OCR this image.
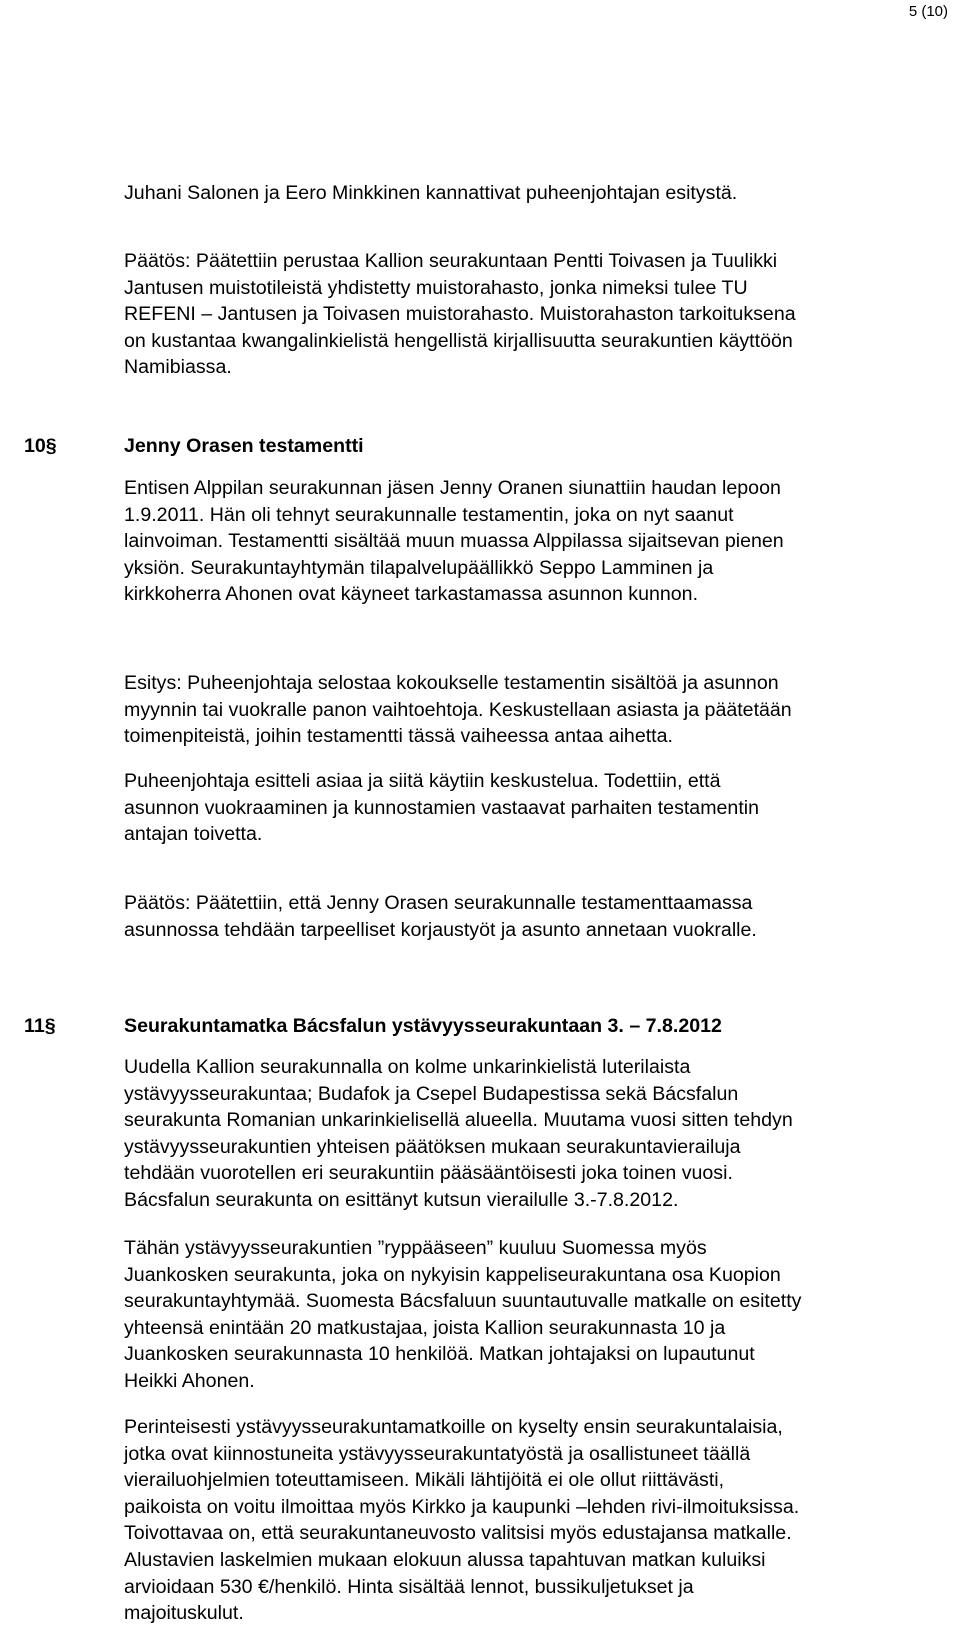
5 (10)
Juhani Salonen ja Eero Minkkinen kannattivat puheenjohtajan esitystä.
Päätös: Päätettiin perustaa Kallion seurakuntaan Pentti Toivasen ja Tuulikki
Jantusen muistotileistä yhdistetty muistorahasto, jonka nimeksi tulee TU
REFENI – Jantusen ja Toivasen muistorahasto. Muistorahaston tarkoituksena
on kustantaa kwangalinkielistä hengellistä kirjallisuutta seurakuntien käyttöön
Namibiassa.
10§	Jenny Orasen testamentti
Entisen Alppilan seurakunnan jäsen Jenny Oranen siunattiin haudan lepoon
1.9.2011. Hän oli tehnyt seurakunnalle testamentin, joka on nyt saanut
lainvoiman. Testamentti sisältää muun muassa Alppilassa sijaitsevan pienen
yksiön. Seurakuntayhtymän tilapalvelupäällikkö Seppo Lamminen ja
kirkkoherra Ahonen ovat käyneet tarkastamassa asunnon kunnon.
Esitys: Puheenjohtaja selostaa kokoukselle testamentin sisältöä ja asunnon
myynnin tai vuokralle panon vaihtoehtoja. Keskustellaan asiasta ja päätetään
toimenpiteistä, joihin testamentti tässä vaiheessa antaa aihetta.
Puheenjohtaja esitteli asiaa ja siitä käytiin keskustelua. Todettiin, että
asunnon vuokraaminen ja kunnostamien vastaavat parhaiten testamentin
antajan toivetta.
Päätös: Päätettiin, että Jenny Orasen seurakunnalle testamenttaamassa
asunnossa tehdään tarpeelliset korjaustyöt ja asunto annetaan vuokralle.
11§	Seurakuntamatka Bácsfalun ystävyysseurakuntaan 3. – 7.8.2012
Uudella Kallion seurakunnalla on kolme unkarinkielistä luterilaista
ystävyysseurakuntaa; Budafok ja Csepel Budapestissa sekä Bácsfalun
seurakunta Romanian unkarinkielisellä alueella. Muutama vuosi sitten tehdyn
ystävyysseurakuntien yhteisen päätöksen mukaan seurakuntavierailuja
tehdään vuorotellen eri seurakuntiin pääsääntöisesti joka toinen vuosi.
Bácsfalun seurakunta on esittänyt kutsun vierailulle 3.-7.8.2012.
Tähän ystävyysseurakuntien ”ryppääseen” kuuluu Suomessa myös
Juankosken seurakunta, joka on nykyisin kappeliseurakuntana osa Kuopion
seurakuntayhtymää. Suomesta Bácsfaluun suuntautuvalle matkalle on esitetty
yhteensä enintään 20 matkustajaa, joista Kallion seurakunnasta 10 ja
Juankosken seurakunnasta 10 henkilöä. Matkan johtajaksi on lupautunut
Heikki Ahonen.
Perinteisesti ystävyysseurakuntamatkoille on kyselty ensin seurakuntalaisia,
jotka ovat kiinnostuneita ystävyysseurakuntatyöstä ja osallistuneet täällä
vierailuohjelmien toteuttamiseen. Mikäli lähtijöitä ei ole ollut riittävästi,
paikoista on voitu ilmoittaa myös Kirkko ja kaupunki –lehden rivi-ilmoituksissa.
Toivottavaa on, että seurakuntaneuvosto valitsisi myös edustajansa matkalle.
Alustavien laskelmien mukaan elokuun alussa tapahtuvan matkan kuluiksi
arvioidaan 530 €/henkilö. Hinta sisältää lennot, bussikuljetukset ja
majoituskulut.
